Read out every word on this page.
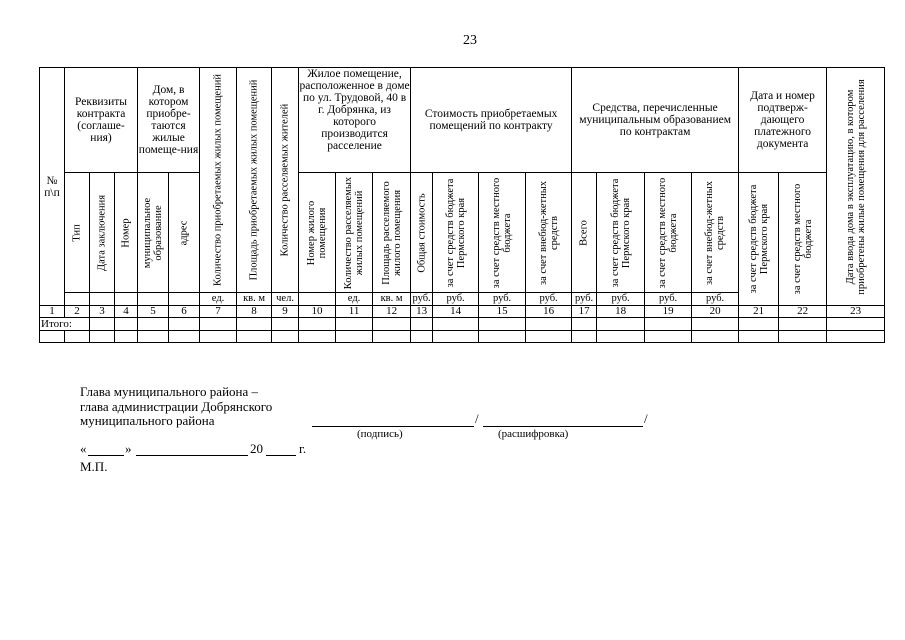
23
№ п\п	Реквизиты контракта (соглаше-ния)			Дом, в котором приобре-таются жилые помеще-ния		Количество приобретаемых жилых помещений	Площадь приобретаемых жилых помещений	Количество расселяемых жителей	Жилое помещение, расположенное в доме по ул. Трудовой, 40 в г. Добрянка, из которого производится расселение			Стоимость приобретаемых помещений по контракту				Средства, перечисленные муниципальным образованием по контрактам				Дата и номер подтверж-дающего платежного документа		Дата ввода дома в эксплуатацию, в котором приобретены жилые помещения для расселения

	Тип	Дата заключения	Номер	муниципальное образование	адрес				Номер жилого помещения	Количество расселяемых жилых помещений	Площадь расселяемого жилого помещения	Общая стоимость	за счет средств бюджета Пермского края	за счет средств местного бюджета	за счет внебюд-жетных средств	Всего	за счет средств бюджета Пермского края	за счет средств местного бюджета	за счет внебюд-жетных средств	за счет средств бюджета Пермского края	за счет средств местного бюджета	

						ед.	кв. м	чел.		ед.	кв. м	руб.	руб.	руб.	руб.	руб.	руб.	руб.	руб.			
1	2	3	4	5	6	7	8	9	10	11	12	13	14	15	16	17	18	19	20	21	22	23
Итого:																						

Глава муниципального района –
глава администрации Добрянского
муниципального района	/	/
(подпись)	(расшифровка)
«	»	20	г.
М.П.
